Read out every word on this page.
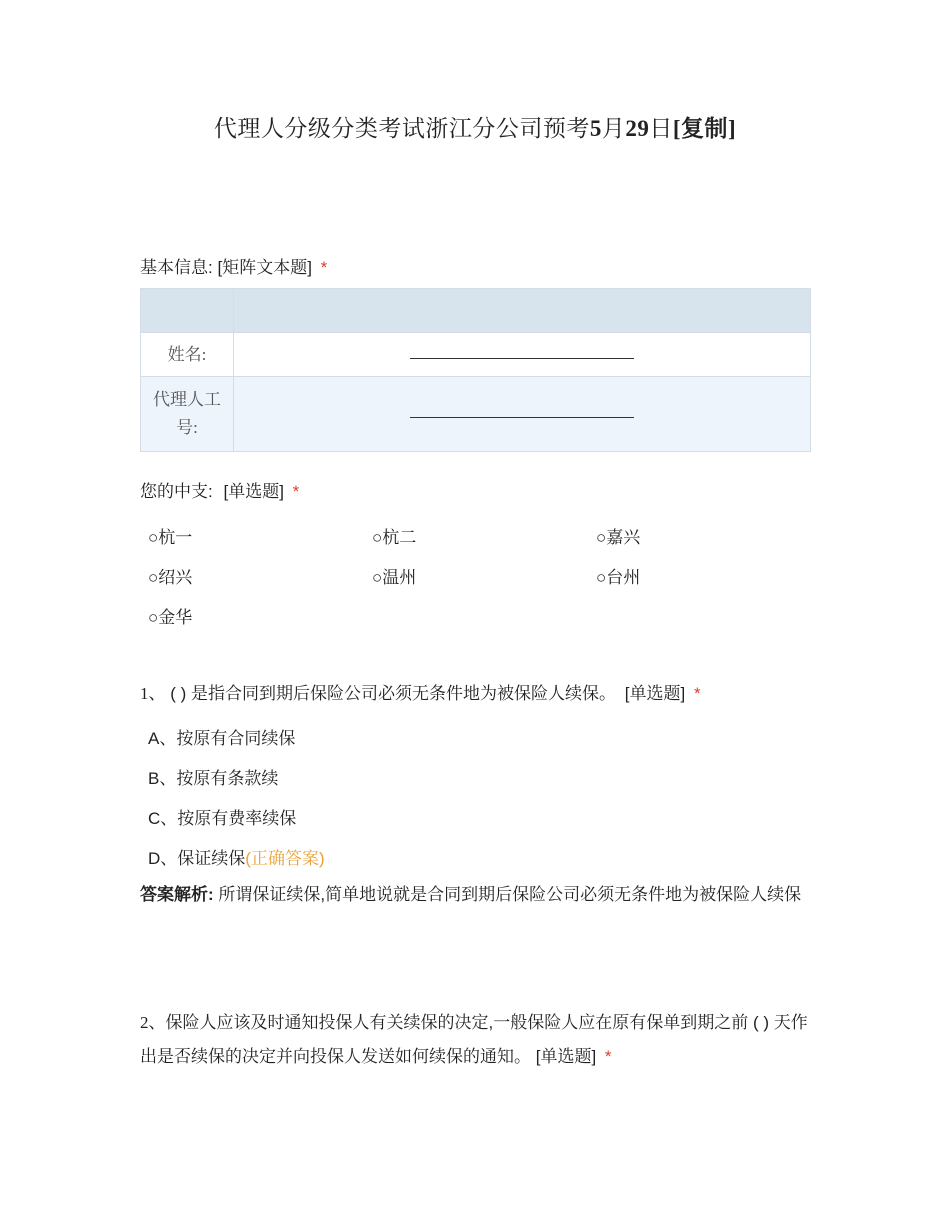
代理人分级分类考试浙江分公司预考5月29日[复制]
基本信息: [矩阵文本题] *

姓名:	

代理人工
号:	

您的中支: [单选题] *
○杭一	○杭二	○嘉兴
○绍兴	○温州	○台州
○金华
1、 ( ) 是指合同到期后保险公司必须无条件地为被保险人续保。 [单选题] *
A、按原有合同续保
B、按原有条款续
C、按原有费率续保
D、保证续保(正确答案)
答案解析: 所谓保证续保,简单地说就是合同到期后保险公司必须无条件地为被保险人续保
2、保险人应该及时通知投保人有关续保的决定,一般保险人应在原有保单到期之前 ( ) 天作出是否续保的决定并向投保人发送如何续保的通知。 [单选题] *
